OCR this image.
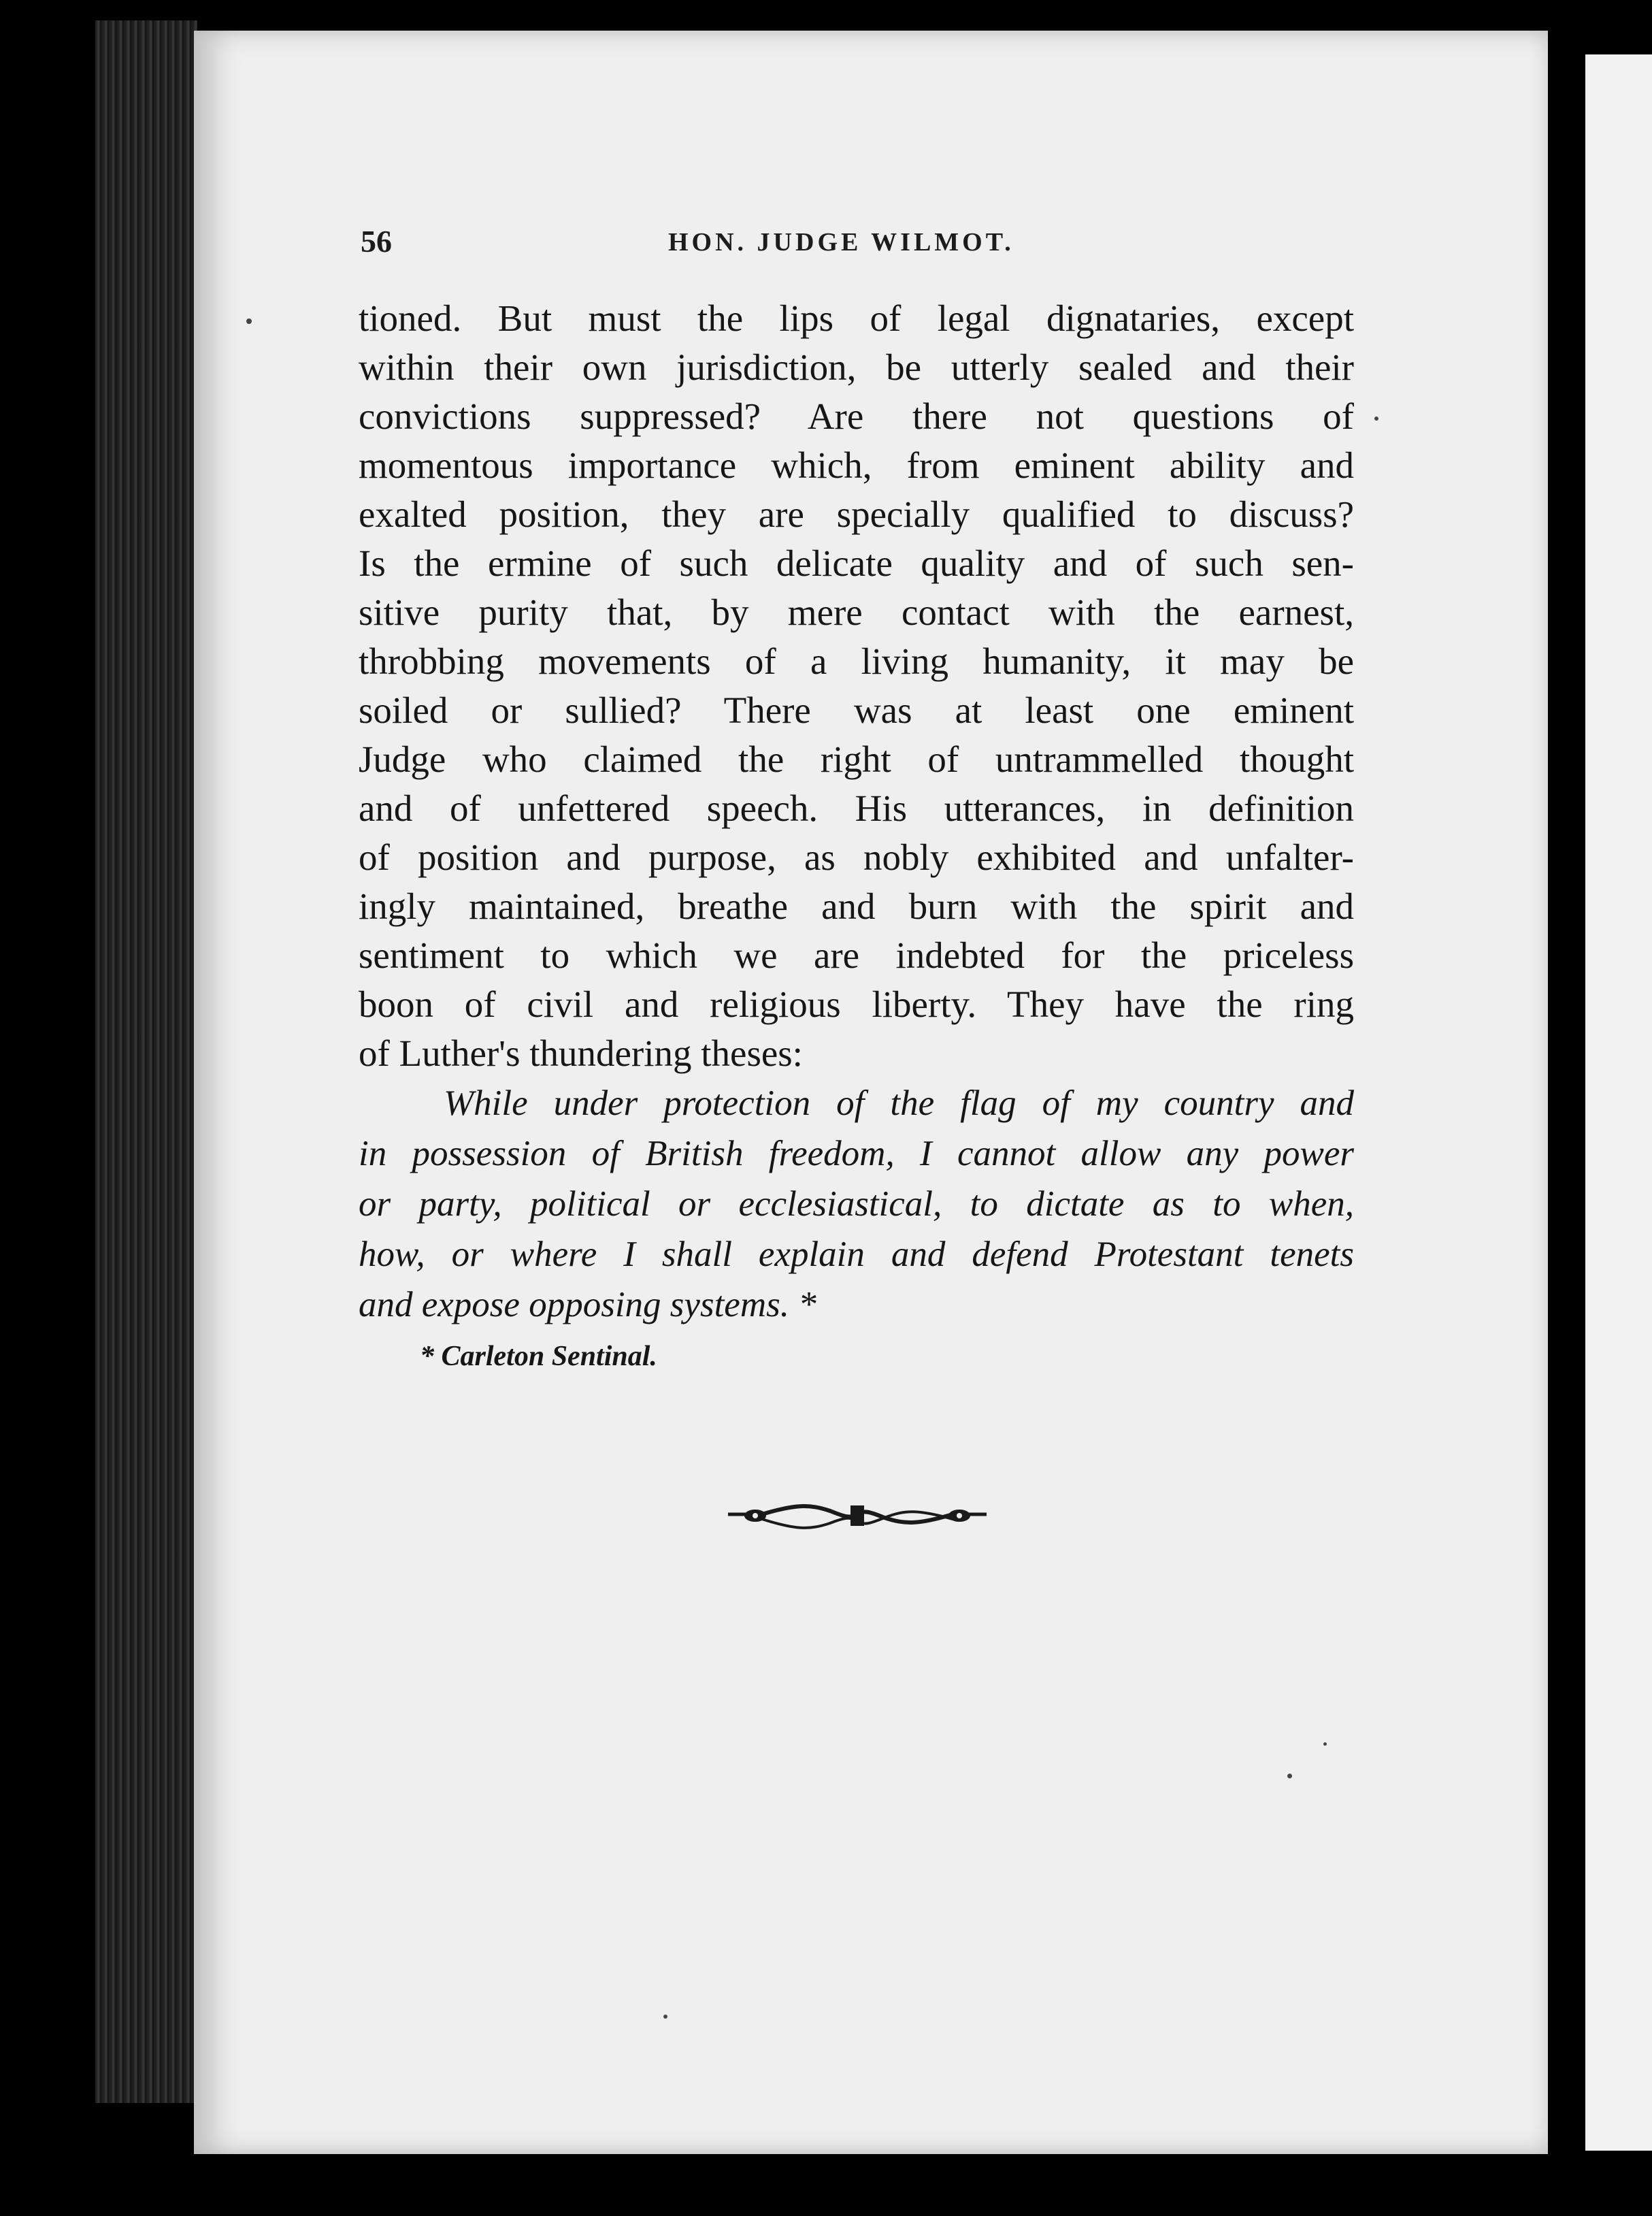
56	HON. JUDGE WILMOT.
tioned. But must the lips of legal dignataries, except
within their own jurisdiction, be utterly sealed and their
convictions suppressed? Are there not questions of
momentous importance which, from eminent ability and
exalted position, they are specially qualified to discuss?
Is the ermine of such delicate quality and of such sen-
sitive purity that, by mere contact with the earnest,
throbbing movements of a living humanity, it may be
soiled or sullied? There was at least one eminent
Judge who claimed the right of untrammelled thought
and of unfettered speech. His utterances, in definition
of position and purpose, as nobly exhibited and unfalter-
ingly maintained, breathe and burn with the spirit and
sentiment to which we are indebted for the priceless
boon of civil and religious liberty. They have the ring
of Luther's thundering theses:
While under protection of the flag of my country and
in possession of British freedom, I cannot allow any power
or party, political or ecclesiastical, to dictate as to when,
how, or where I shall explain and defend Protestant tenets
and expose opposing systems. *
* Carleton Sentinal.
